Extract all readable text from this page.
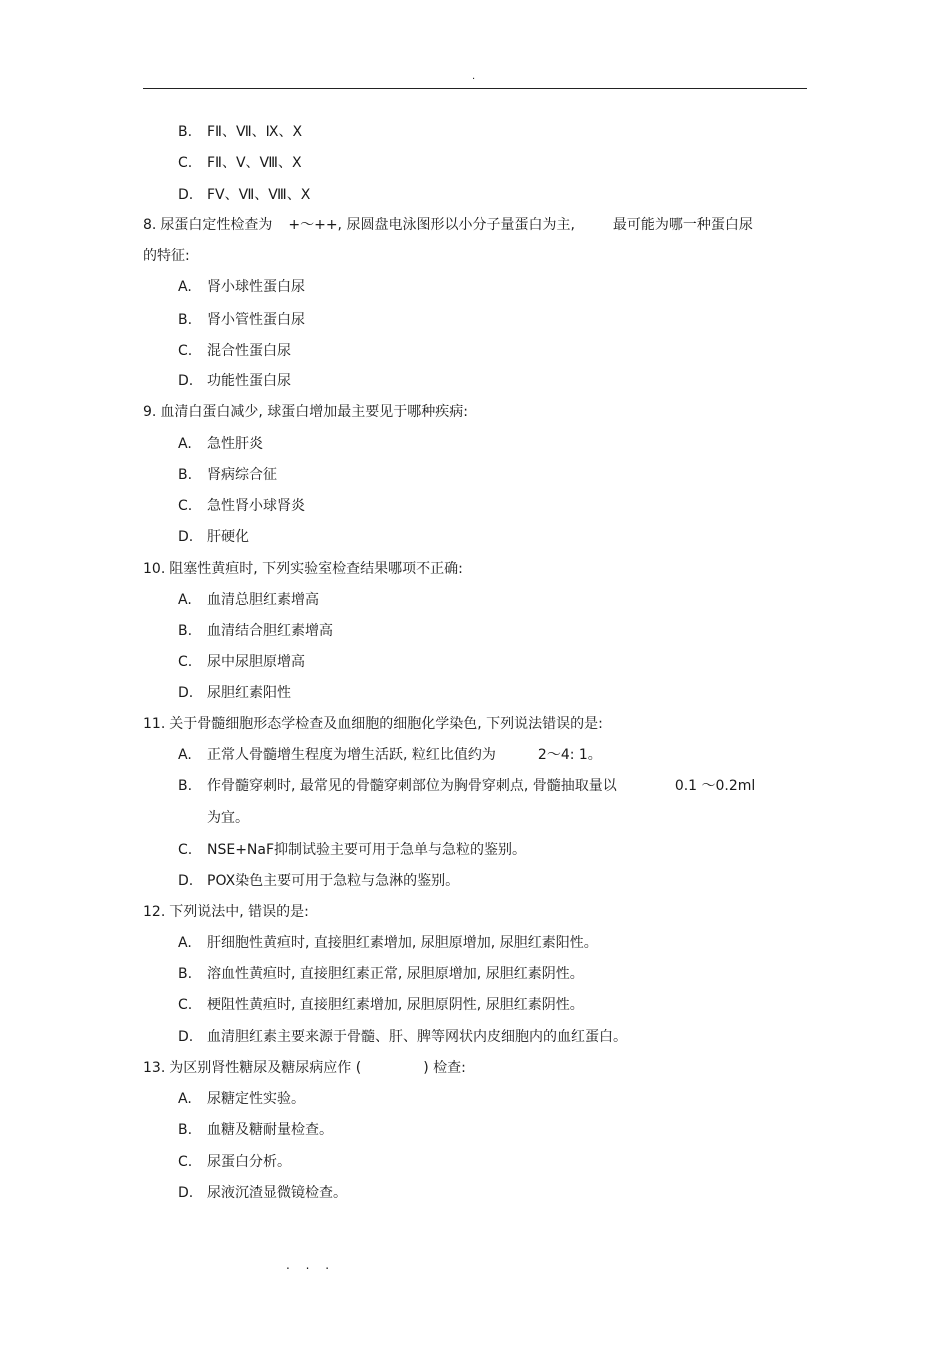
.
B. FⅡ、Ⅶ、Ⅸ、Ⅹ
C. FⅡ、Ⅴ、Ⅷ、Ⅹ
D. FⅤ、Ⅶ、Ⅷ、Ⅹ
8. 尿蛋白定性检查为 +～++, 尿圆盘电泳图形以小分子量蛋白为主,	最可能为哪一种蛋白尿
的特征:
A. 肾小球性蛋白尿
B. 肾小管性蛋白尿
C. 混合性蛋白尿
D. 功能性蛋白尿
9. 血清白蛋白减少, 球蛋白增加最主要见于哪种疾病:
A. 急性肝炎
B. 肾病综合征
C. 急性肾小球肾炎
D. 肝硬化
10. 阻塞性黄疸时, 下列实验室检查结果哪项不正确:
A. 血清总胆红素增高
B. 血清结合胆红素增高
C. 尿中尿胆原增高
D. 尿胆红素阳性
11. 关于骨髓细胞形态学检查及血细胞的细胞化学染色, 下列说法错误的是:
A. 正常人骨髓增生程度为增生活跃, 粒红比值约为	2～4: 1。
B. 作骨髓穿刺时, 最常见的骨髓穿刺部位为胸骨穿刺点, 骨髓抽取量以	0.1 ～0.2ml
为宜。
C. NSE+NaF抑制试验主要可用于急单与急粒的鉴别。
D. POX染色主要可用于急粒与急淋的鉴别。
12. 下列说法中, 错误的是:
A. 肝细胞性黄疸时, 直接胆红素增加, 尿胆原增加, 尿胆红素阳性。
B. 溶血性黄疸时, 直接胆红素正常, 尿胆原增加, 尿胆红素阴性。
C. 梗阻性黄疸时, 直接胆红素增加, 尿胆原阴性, 尿胆红素阴性。
D. 血清胆红素主要来源于骨髓、肝、脾等网状内皮细胞内的血红蛋白。
13. 为区别肾性糖尿及糖尿病应作 (	) 检查:
A. 尿糖定性实验。
B. 血糖及糖耐量检查。
C. 尿蛋白分析。
D. 尿液沉渣显微镜检查。
. . .
